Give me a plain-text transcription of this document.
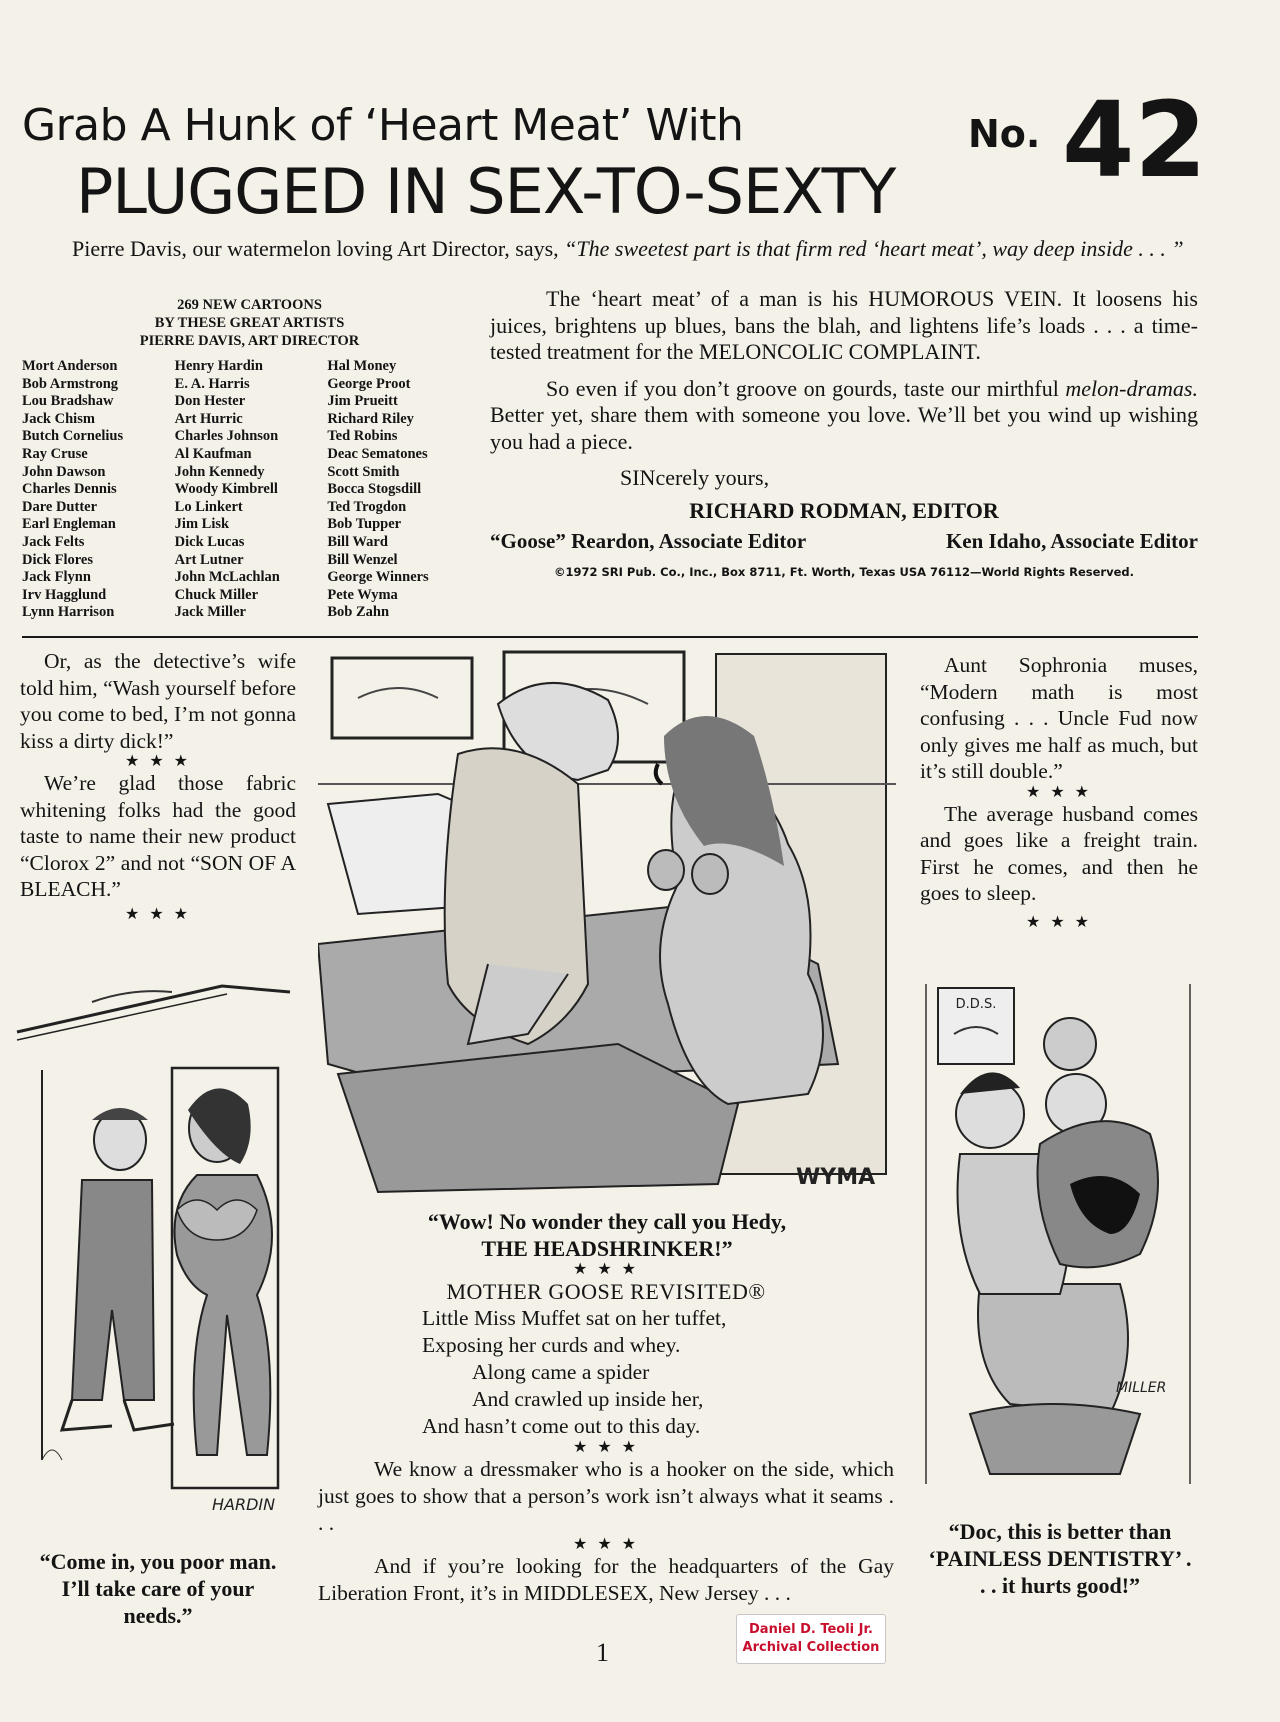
Grab A Hunk of ‘Heart Meat’ With
PLUGGED IN SEX-TO-SEXTY
No. 42
Pierre Davis, our watermelon loving Art Director, says, “The sweetest part is that firm red ‘heart meat’, way deep inside . . . ”
269 NEW CARTOONS
BY THESE GREAT ARTISTS
PIERRE DAVIS, ART DIRECTOR
Mort Anderson
Bob Armstrong
Lou Bradshaw
Jack Chism
Butch Cornelius
Ray Cruse
John Dawson
Charles Dennis
Dare Dutter
Earl Engleman
Jack Felts
Dick Flores
Jack Flynn
Irv Hagglund
Lynn Harrison
Henry Hardin
E. A. Harris
Don Hester
Art Hurric
Charles Johnson
Al Kaufman
John Kennedy
Woody Kimbrell
Lo Linkert
Jim Lisk
Dick Lucas
Art Lutner
John McLachlan
Chuck Miller
Jack Miller
Hal Money
George Proot
Jim Prueitt
Richard Riley
Ted Robins
Deac Sematones
Scott Smith
Bocca Stogsdill
Ted Trogdon
Bob Tupper
Bill Ward
Bill Wenzel
George Winners
Pete Wyma
Bob Zahn

The ‘heart meat’ of a man is his HUMOROUS VEIN. It loosens his juices, brightens up blues, bans the blah, and lightens life’s loads . . . a time-tested treatment for the MELONCOLIC COMPLAINT.

So even if you don’t groove on gourds, taste our mirthful melon-dramas. Better yet, share them with someone you love. We’ll bet you wind up wishing you had a piece.

SINcerely yours,

RICHARD RODMAN, EDITOR

“Goose” Reardon, Associate Editor	Ken Idaho, Associate Editor
©1972 SRI Pub. Co., Inc., Box 8711, Ft. Worth, Texas USA 76112—World Rights Reserved.

Or, as the detective’s wife told him, “Wash yourself before you come to bed, I’m not gonna kiss a dirty dick!”

★ ★ ★

We’re glad those fabric whitening folks had the good taste to name their new product “Clorox 2” and not “SON OF A BLEACH.”

★ ★ ★
HARDIN
“Come in, you poor man. I’ll take care of your needs.”
WYMA
“Wow! No wonder they call you Hedy,
THE HEADSHRINKER!”
★ ★ ★
MOTHER GOOSE REVISITED®
Little Miss Muffet sat on her tuffet,
Exposing her curds and whey.
Along came a spider
And crawled up inside her,
And hasn’t come out to this day.
★ ★ ★

We know a dressmaker who is a hooker on the side, which just goes to show that a person’s work isn’t always what it seams . . .

★ ★ ★

And if you’re looking for the headquarters of the Gay Liberation Front, it’s in MIDDLESEX, New Jersey . . .

Aunt Sophronia muses, “Modern math is most confusing . . . Uncle Fud now only gives me half as much, but it’s still double.”

★ ★ ★

The average husband comes and goes like a freight train. First he comes, and then he goes to sleep.

★ ★ ★
D.D.S.
MILLER
“Doc, this is better than ‘PAINLESS DENTISTRY’ . . . it hurts good!”
1
Daniel D. Teoli Jr.
Archival Collection
